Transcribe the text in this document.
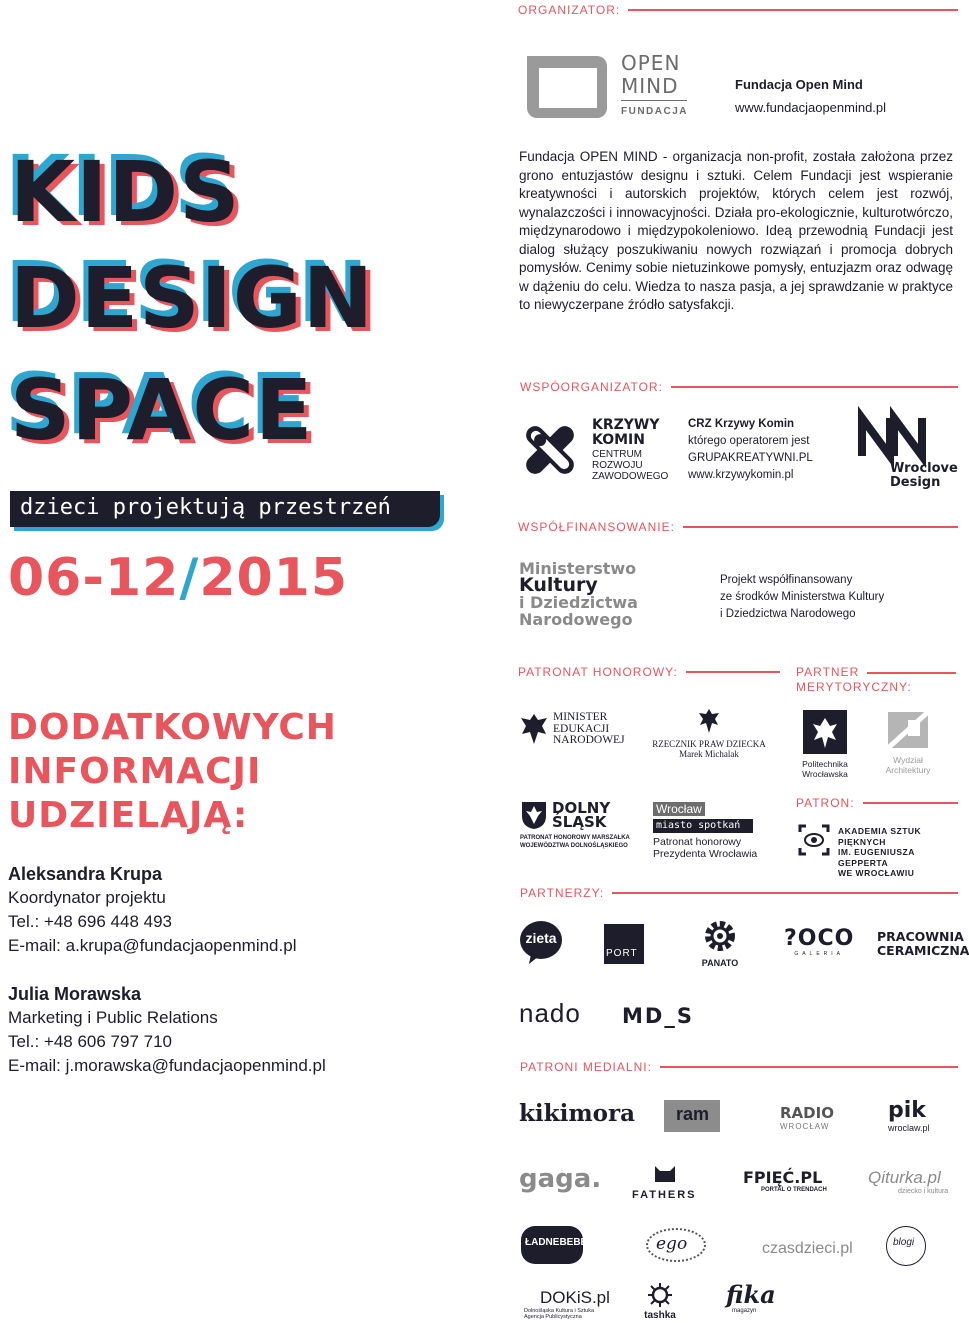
ORGANIZATOR:
OPEN
MIND
FUNDACJA
Fundacja Open Mind
www.fundacjaopenmind.pl
Fundacja OPEN MIND - organizacja non-profit, została założona przez grono entuzjastów designu i sztuki. Celem Fundacji jest wspieranie kreatywności i autorskich projektów, których celem jest rozwój, wynalazczości i innowacyjności. Działa pro-ekologicznie, kulturotwórczo, międzynarodowo i międzypokoleniowo. Ideą przewodnią Fundacji jest dialog służący poszukiwaniu nowych rozwiązań i promocja dobrych pomysłów. Cenimy sobie nietuzinkowe pomysły, entuzjazm oraz odwagę w dążeniu do celu. Wiedza to nasza pasja, a jej sprawdzanie w praktyce to niewyczerpane źródło satysfakcji.
KIDS
DESIGN
SPACE
dzieci projektują przestrzeń
06-12/2015
WSPÓORGANIZATOR:
KRZYWY
KOMIN
CENTRUM
ROZWOJU
ZAWODOWEGO
CRZ Krzywy Komin
którego operatorem jest
GRUPAKREATYWNI.PL
www.krzywykomin.pl	Wroclove
Design
WSPÓŁFINANSOWANIE:
Ministerstwo
Kultury
i Dziedzictwa
Narodowego
Projekt współfinansowany
ze środków Ministerstwa Kultury
i Dziedzictwa Narodowego
PATRONAT HONOROWY:	PARTNER
MERYTORYCZNY:
MINISTER
EDUKACJI
NARODOWEJ	RZECZNIK PRAW DZIECKA
Marek Michalak
DOLNY
ŚLĄSK
PATRONAT HONOROWY MARSZAŁKA
WOJEWÓDZTWA DOLNOŚLĄSKIEGO
Wrocław
miasto spotkań
Patronat honorowy
Prezydenta Wrocławia
Politechnika
Wrocławska
Wydział
Architektury
PATRON:
AKADEMIA SZTUK PIĘKNYCH
IM. EUGENIUSZA GEPPERTA
WE WROCŁAWIU
PARTNERZY:
zieta
PORT
PANATO
?OCO
GALERIA
PRACOWNIA
CERAMICZNA
nado MD_S
PATRONI MEDIALNI:
kikimora ram	RADIO
WROCŁAW
pik
wroclaw.pl
gaga.
FATHERS
FPIĘĆ.PL
PORTAL O TRENDACH
Qiturka.pl
dziecko i kultura
ŁADNEBEBE	ego	czasdzieci.pl	blogi
DOKiS.pl
Dolnośląska Kultura i Sztuka
Agencja Publicystyczna	tashka
fika
magazyn
DODATKOWYCH
INFORMACJI
UDZIELAJĄ:
Aleksandra Krupa
Koordynator projektu
Tel.: +48 696 448 493
E-mail: a.krupa@fundacjaopenmind.pl
Julia Morawska
Marketing i Public Relations
Tel.: +48 606 797 710
E-mail: j.morawska@fundacjaopenmind.pl
